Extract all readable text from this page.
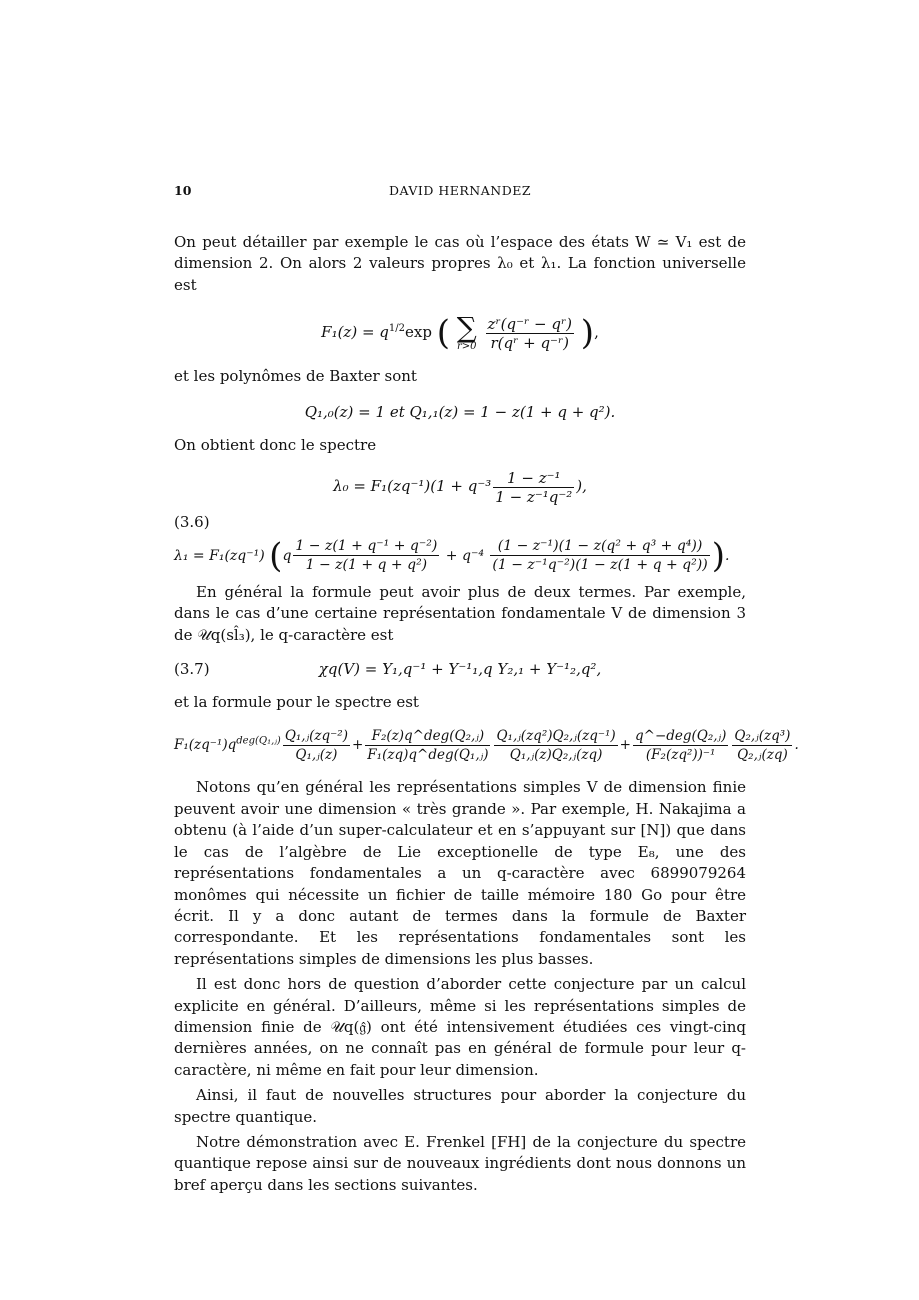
10	DAVID HERNANDEZ

On peut détailler par exemple le cas où l’espace des états W ≃ V₁ est de dimension 2. On alors 2 valeurs propres λ₀ et λ₁. La fonction universelle est

$F_1(z) = q^{1/2}\exp$ ( ∑
r>0
$\frac{\text{zʳ(q⁻ʳ − qʳ)}}{\text{r(qʳ + q⁻ʳ)}}$ ),

et les polynômes de Baxter sont

Q₁,₀(z) = 1 et Q₁,₁(z) = 1 − z(1 + q + q²).

On obtient donc le spectre

$\lambda_0 = F_1(zq^{-1})(1 + q^{-3} \frac{\text{1 − z⁻¹}}{\text{1 − z⁻¹q⁻²}}$ ),
(3.6)
λ₁ = F₁(zq⁻¹) ($q \frac{\text{1 − z(1 + q⁻¹ + q⁻²)}}{\text{1 − z(1 + q + q²)}} + q^{-4} \frac{\text{(1 − z⁻¹)(1 − z(q² + q³ + q⁴))}}{\text{(1 − z⁻¹q⁻²)(1 − z(1 + q + q²))}}$ ).

En général la formule peut avoir plus de deux termes. Par exemple, dans le cas d’une certaine représentation fondamentale V de dimension 3 de 𝒰q(sl̂₃), le q-caractère est

(3.7)	χq(V) = Y₁,q⁻¹ + Y⁻¹₁,q Y₂,₁ + Y⁻¹₂,q²,

et la formule pour le spectre est

$F_1(zq^{-1})q^{deg(Q_1,ⱼ)} \frac{\text{Q₁,ⱼ(zq⁻²)}}{\text{Q₁,ⱼ(z)}} + \frac{\text{F₂(z)q\textasciicircum{}deg(Q₂,ⱼ)}}{\text{F₁(zq)q\textasciicircum{}deg(Q₁,ⱼ)}} \frac{\text{Q₁,ⱼ(zq²)Q₂,ⱼ(zq⁻¹)}}{\text{Q₁,ⱼ(z)Q₂,ⱼ(zq)}} + \frac{\text{q\textasciicircum{}−deg(Q₂,ⱼ)}}{\text{(F₂(zq²))⁻¹}} \frac{\text{Q₂,ⱼ(zq³)}}{\text{Q₂,ⱼ(zq)}}$ .

Notons qu’en général les représentations simples V de dimension finie peuvent avoir une dimension « très grande ». Par exemple, H. Nakajima a obtenu (à l’aide d’un super-calculateur et en s’appuyant sur [N]) que dans le cas de l’algèbre de Lie exceptionelle de type E₈, une des représentations fondamentales a un q-caractère avec 6899079264 monômes qui nécessite un fichier de taille mémoire 180 Go pour être écrit. Il y a donc autant de termes dans la formule de Baxter correspondante. Et les représentations fondamentales sont les représentations simples de dimensions les plus basses.

Il est donc hors de question d’aborder cette conjecture par un calcul explicite en général. D’ailleurs, même si les représentations simples de dimension finie de 𝒰q(𝔤̂) ont été intensivement étudiées ces vingt-cinq dernières années, on ne connaît pas en général de formule pour leur q-caractère, ni même en fait pour leur dimension.

Ainsi, il faut de nouvelles structures pour aborder la conjecture du spectre quantique.

Notre démonstration avec E. Frenkel [FH] de la conjecture du spectre quantique repose ainsi sur de nouveaux ingrédients dont nous donnons un bref aperçu dans les sections suivantes.
